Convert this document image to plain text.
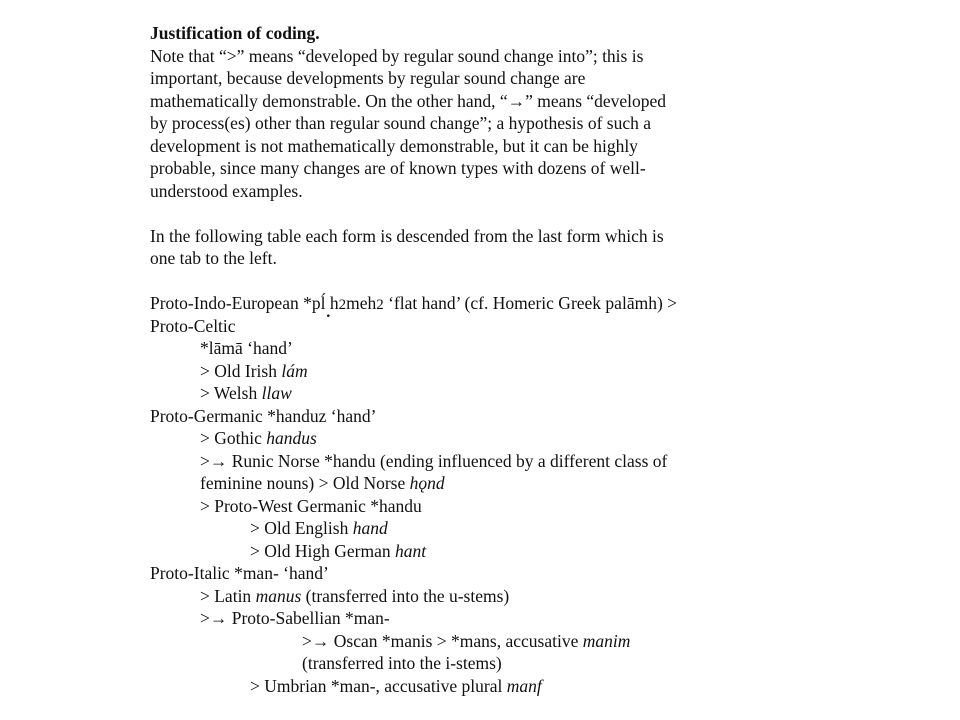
Justification of coding.
Note that “>” means “developed by regular sound change into”; this is
important, because developments by regular sound change are
mathematically demonstrable. On the other hand, “→” means “developed
by process(es) other than regular sound change”; a hypothesis of such a
development is not mathematically demonstrable, but it can be highly
probable, since many changes are of known types with dozens of well-
understood examples.
In the following table each form is descended from the last form which is
one tab to the left.
Proto-Indo-European *pĺ  . h2meh2 ‘flat hand’ (cf. Homeric Greek palāmh) >
Proto-Celtic
*lāmā ‘hand’
> Old Irish lám
> Welsh llaw
Proto-Germanic *handuz ‘hand’
> Gothic handus
>→ Runic Norse *handu (ending influenced by a different class of
feminine nouns) > Old Norse hǫnd
> Proto-West Germanic *handu
> Old English hand
> Old High German hant
Proto-Italic *man- ‘hand’
> Latin manus (transferred into the u-stems)
>→ Proto-Sabellian *man-
>→ Oscan *manis > *mans, accusative manim
(transferred into the i-stems)
> Umbrian *man-, accusative plural manf
